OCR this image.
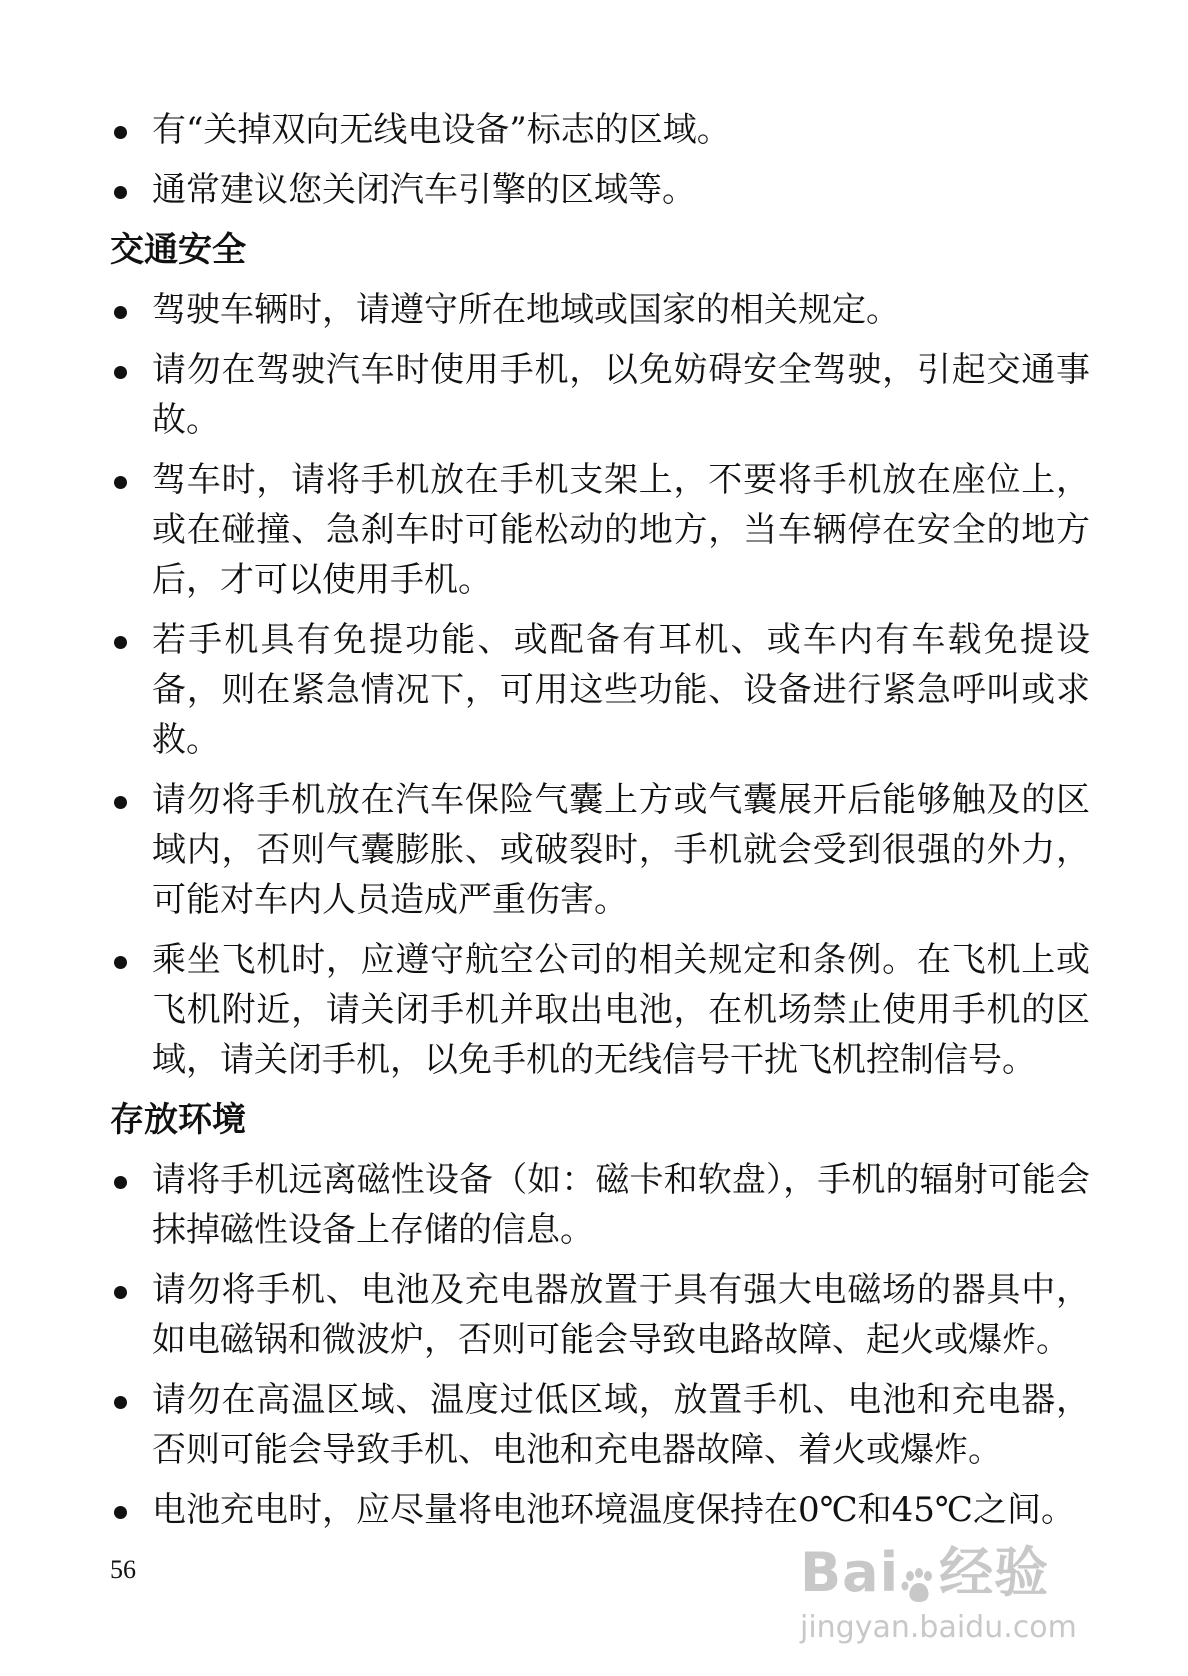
有“关掉双向无线电设备”标志的区域。
通常建议您关闭汽车引擎的区域等。
交通安全
驾驶车辆时，请遵守所在地域或国家的相关规定。
请勿在驾驶汽车时使用手机，以免妨碍安全驾驶，引起交通事故。
驾车时，请将手机放在手机支架上，不要将手机放在座位上，或在碰撞、急刹车时可能松动的地方，当车辆停在安全的地方后，才可以使用手机。
若手机具有免提功能、或配备有耳机、或车内有车载免提设备，则在紧急情况下，可用这些功能、设备进行紧急呼叫或求救。
请勿将手机放在汽车保险气囊上方或气囊展开后能够触及的区域内，否则气囊膨胀、或破裂时，手机就会受到很强的外力，可能对车内人员造成严重伤害。
乘坐飞机时，应遵守航空公司的相关规定和条例。在飞机上或飞机附近，请关闭手机并取出电池，在机场禁止使用手机的区域，请关闭手机，以免手机的无线信号干扰飞机控制信号。
存放环境
请将手机远离磁性设备（如：磁卡和软盘），手机的辐射可能会抹掉磁性设备上存储的信息。
请勿将手机、电池及充电器放置于具有强大电磁场的器具中，如电磁锅和微波炉，否则可能会导致电路故障、起火或爆炸。
请勿在高温区域、温度过低区域，放置手机、电池和充电器，否则可能会导致手机、电池和充电器故障、着火或爆炸。
电池充电时，应尽量将电池环境温度保持在0℃和45℃之间。
56	Bai 经验
jingyan.baidu.com
